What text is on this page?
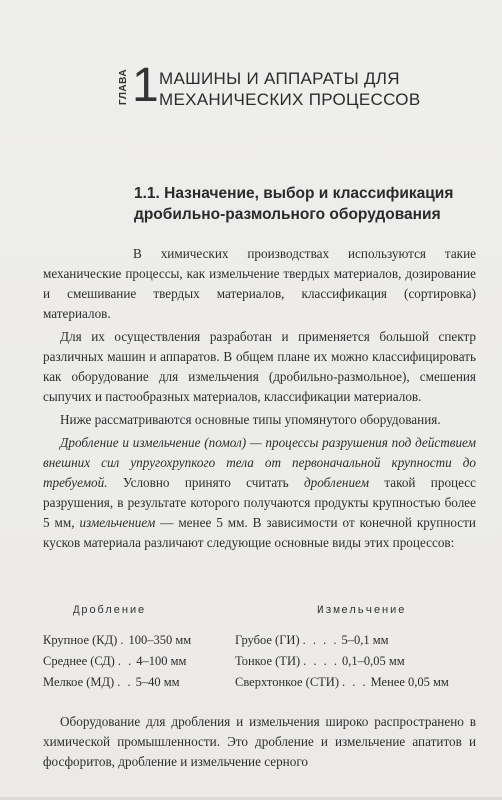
ГЛАВА 1 МАШИНЫ И АППАРАТЫ ДЛЯ
МЕХАНИЧЕСКИХ ПРОЦЕССОВ
1.1. Назначение, выбор и классификация
дробильно-размольного оборудования

В химических производствах используются такие механические процессы, как измельчение твердых материалов, дозирование и смешивание твердых материалов, классификация (сортировка) материалов.

Для их осуществления разработан и применяется большой спектр различных машин и аппаратов. В общем плане их можно классифицировать как оборудование для измельчения (дробильно-размольное), смешения сыпучих и пастообразных материалов, классификации материалов.

Ниже рассматриваются основные типы упомянутого оборудования.

Дробление и измельчение (помол) — процессы разрушения под действием внешних сил упругохрупкого тела от первоначальной крупности до требуемой. Условно принято считать дроблением такой процесс разрушения, в результате которого получаются продукты крупностью более 5 мм, измельчением — менее 5 мм. В зависимости от конечной крупности кусков материала различают следующие основные виды этих процессов:

Дробление
Крупное (КД) . 100–350 мм
Среднее (СД) . . 4–100 мм
Мелкое (МД) . . 5–40 мм
Измельчение
Грубое (ГИ) . . . . 5–0,1 мм
Тонкое (ТИ) . . . . 0,1–0,05 мм
Сверхтонкое (СТИ) . . . Менее 0,05 мм

Оборудование для дробления и измельчения широко распространено в химической промышленности. Это дробление и измельчение апатитов и фосфоритов, дробление и измельчение серного
